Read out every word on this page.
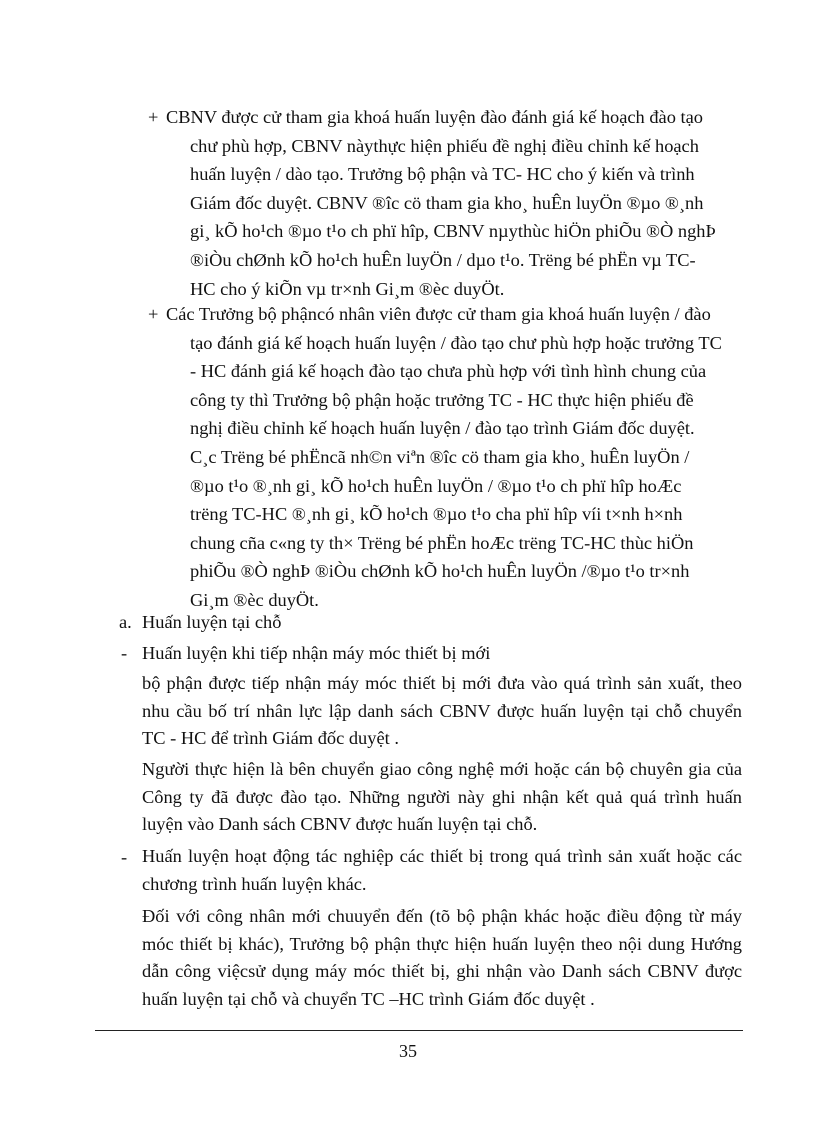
+ CBNV được cử tham gia khoá huấn luyện đào đánh giá kế hoạch đào tạo
chư phù hợp, CBNV nàythực hiện phiếu đề nghị điều chỉnh kế hoạch
huấn luyện / dào tạo. Trưởng bộ phận và TC- HC cho ý kiến và trình
Giám đốc duyệt. CBNV ®îc cö tham gia kho¸ huÊn luyÖn ®µo ®¸nh
gi¸ kÕ ho¹ch ®µo t¹o ch phï hîp, CBNV nµythùc hiÖn phiÕu ®Ò nghÞ
®iÒu chØnh kÕ ho¹ch huÊn luyÖn / dµo t¹o. Trëng bé phËn vµ TC-
HC cho ý kiÕn vµ tr×nh Gi¸m ®èc duyÖt.
+ Các Trưởng bộ phậncó nhân viên được cử tham gia khoá huấn luyện / đào
tạo đánh giá kế hoạch huấn luyện / đào tạo chư phù hợp hoặc trưởng TC
- HC đánh giá kế hoạch đào tạo chưa phù hợp với tình hình chung của
công ty thì Trưởng bộ phận hoặc trưởng TC - HC thực hiện phiếu đề
nghị điều chỉnh kế hoạch huấn luyện / đào tạo trình Giám đốc duyệt.
C¸c Trëng bé phËncã nh©n viªn ®îc cö tham gia kho¸ huÊn luyÖn /
®µo t¹o ®¸nh gi¸ kÕ ho¹ch huÊn luyÖn / ®µo t¹o ch phï hîp hoÆc
trëng TC-HC ®¸nh gi¸ kÕ ho¹ch ®µo t¹o cha phï hîp víi t×nh h×nh
chung cña c«ng ty th× Trëng bé phËn hoÆc trëng TC-HC thùc hiÖn
phiÕu ®Ò nghÞ ®iÒu chØnh kÕ ho¹ch huÊn luyÖn /®µo t¹o tr×nh
Gi¸m ®èc duyÖt.
a. Huấn luyện tại chỗ
- Huấn luyện khi tiếp nhận máy móc thiết bị mới
bộ phận được tiếp nhận máy móc thiết bị mới đưa vào quá trình sản xuất, theo
nhu cầu bố trí nhân lực lập danh sách CBNV được huấn luyện tại chỗ chuyển
TC - HC để trình Giám đốc duyệt .
Người thực hiện là bên chuyển giao công nghệ mới hoặc cán bộ chuyên gia của
Công ty đã được đào tạo. Những người này ghi nhận kết quả quá trình huấn
luyện vào Danh sách CBNV được huấn luyện tại chỗ.
- Huấn luyện hoạt động tác nghiệp các thiết bị trong quá trình sản xuất hoặc các
chương trình huấn luyện khác.
Đối với công nhân mới chuuyển đến (tõ bộ phận khác hoặc điều động từ máy
móc thiết bị khác), Trưởng bộ phận thực hiện huấn luyện theo nội dung Hướng
dẫn công việcsử dụng máy móc thiết bị, ghi nhận vào Danh sách CBNV được
huấn luyện tại chỗ và chuyển TC –HC trình Giám đốc duyệt .
35
